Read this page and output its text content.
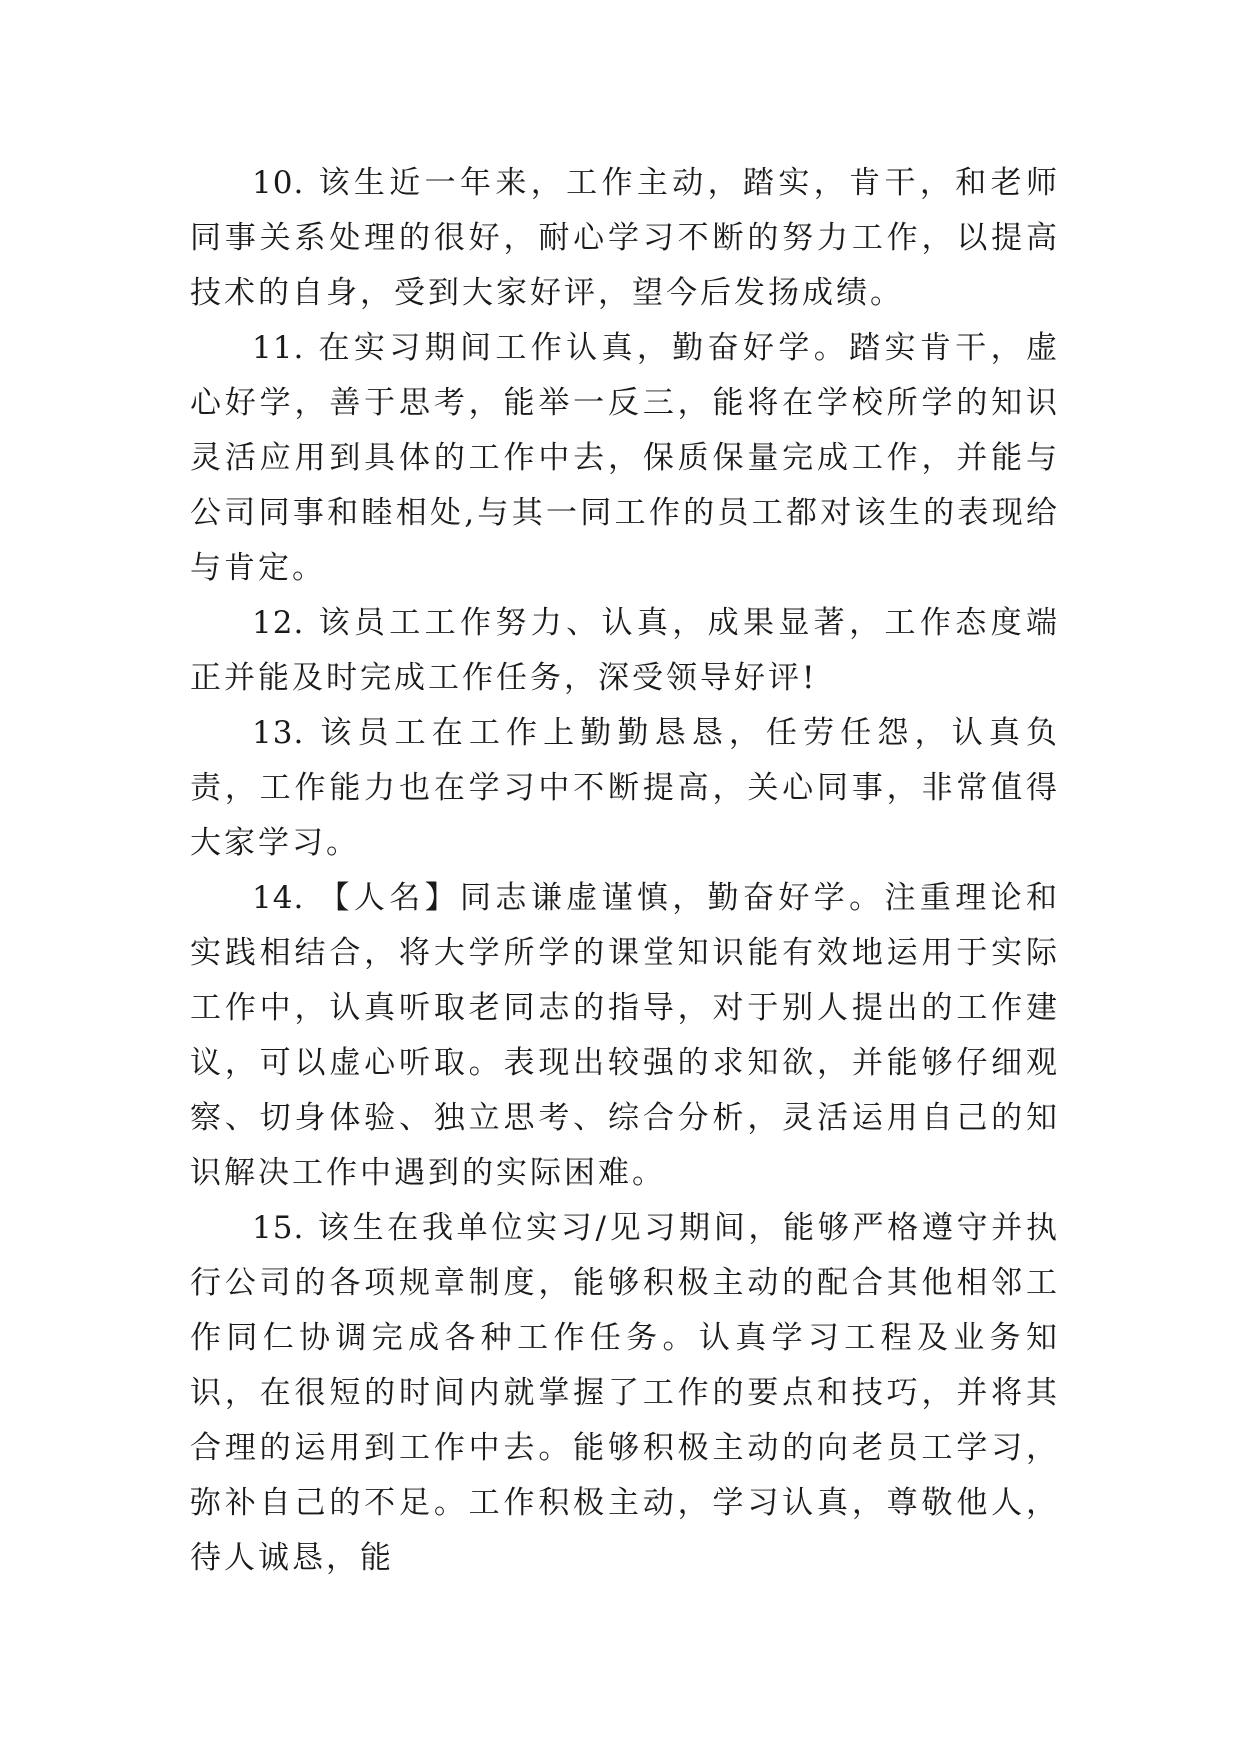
10. 该生近一年来，工作主动，踏实，肯干，和老师同事关系处理的很好，耐心学习不断的努力工作，以提高技术的自身，受到大家好评，望今后发扬成绩。

11. 在实习期间工作认真，勤奋好学。踏实肯干，虚心好学，善于思考，能举一反三，能将在学校所学的知识灵活应用到具体的工作中去，保质保量完成工作，并能与公司同事和睦相处,与其一同工作的员工都对该生的表现给与肯定。

12. 该员工工作努力、认真，成果显著，工作态度端正并能及时完成工作任务，深受领导好评!

13. 该员工在工作上勤勤恳恳，任劳任怨，认真负责，工作能力也在学习中不断提高，关心同事，非常值得大家学习。

14. 【人名】同志谦虚谨慎，勤奋好学。注重理论和实践相结合，将大学所学的课堂知识能有效地运用于实际工作中，认真听取老同志的指导，对于别人提出的工作建议，可以虚心听取。表现出较强的求知欲，并能够仔细观察、切身体验、独立思考、综合分析，灵活运用自己的知识解决工作中遇到的实际困难。

15. 该生在我单位实习/见习期间，能够严格遵守并执行公司的各项规章制度，能够积极主动的配合其他相邻工作同仁协调完成各种工作任务。认真学习工程及业务知识，在很短的时间内就掌握了工作的要点和技巧，并将其合理的运用到工作中去。能够积极主动的向老员工学习，弥补自己的不足。工作积极主动，学习认真，尊敬他人，待人诚恳，能
